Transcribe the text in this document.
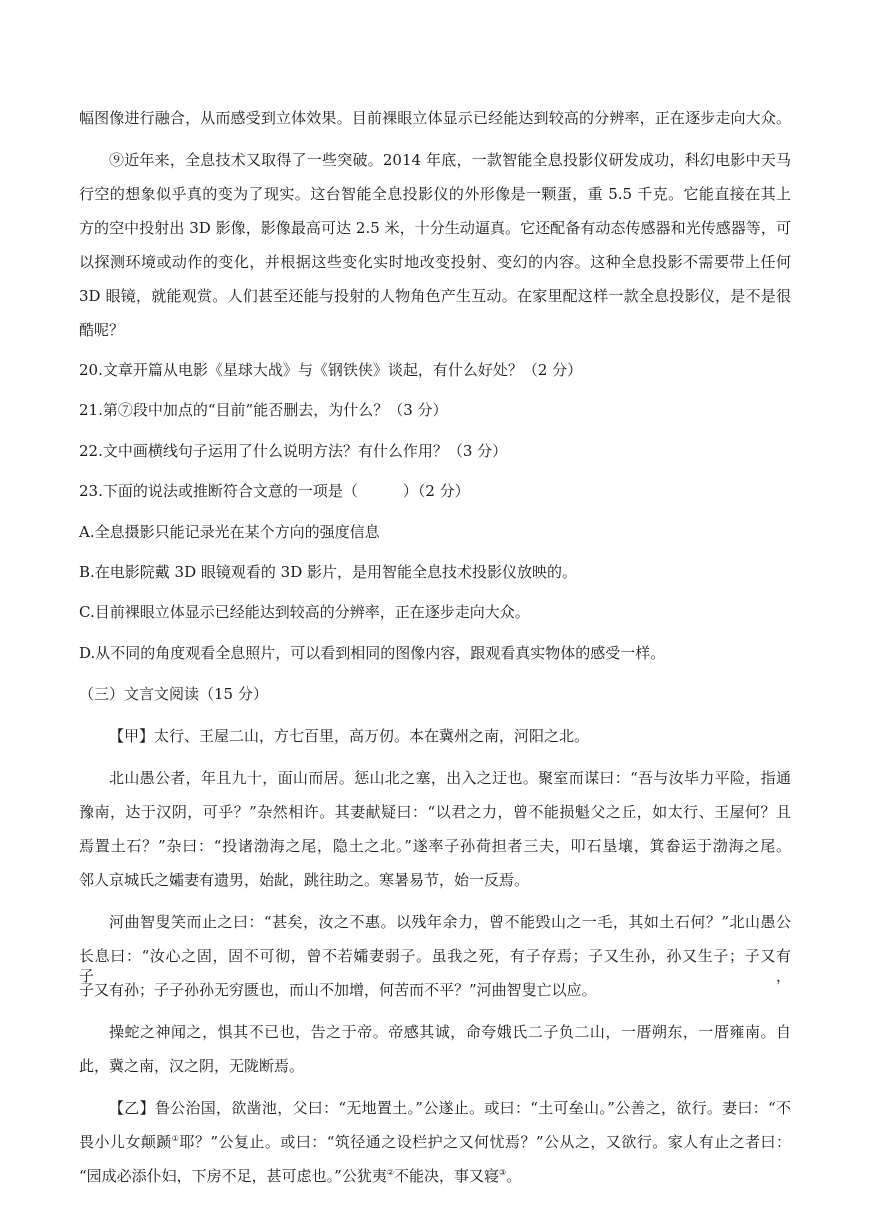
幅图像进行融合，从而感受到立体效果。目前裸眼立体显示已经能达到较高的分辨率，正在逐步走向大众。
⑨近年来，全息技术又取得了一些突破。2014 年底，一款智能全息投影仪研发成功，科幻电影中天马
行空的想象似乎真的变为了现实。这台智能全息投影仪的外形像是一颗蛋，重 5.5 千克。它能直接在其上
方的空中投射出 3D 影像，影像最高可达 2.5 米，十分生动逼真。它还配备有动态传感器和光传感器等，可
以探测环境或动作的变化，并根据这些变化实时地改变投射、变幻的内容。这种全息投影不需要带上任何
3D 眼镜，就能观赏。人们甚至还能与投射的人物角色产生互动。在家里配这样一款全息投影仪，是不是很
酷呢？
20.文章开篇从电影《星球大战》与《钢铁侠》谈起，有什么好处？（2 分）
21.第⑦段中加点的“目前”能否删去，为什么？（3 分）
22.文中画横线句子运用了什么说明方法？有什么作用？（3 分）
23.下面的说法或推断符合文意的一项是（　　　）（2 分）
A.全息摄影只能记录光在某个方向的强度信息
B.在电影院戴 3D 眼镜观看的 3D 影片，是用智能全息技术投影仪放映的。
C.目前裸眼立体显示已经能达到较高的分辨率，正在逐步走向大众。
D.从不同的角度观看全息照片，可以看到相同的图像内容，跟观看真实物体的感受一样。
（三）文言文阅读（15 分）
【甲】太行、王屋二山，方七百里，高万仞。本在冀州之南，河阳之北。
北山愚公者，年且九十，面山而居。惩山北之塞，出入之迂也。聚室而谋曰：“吾与汝毕力平险，指通
豫南，达于汉阴，可乎？”杂然相许。其妻献疑曰：“以君之力，曾不能损魁父之丘，如太行、王屋何？且
焉置土石？”杂曰：“投诸渤海之尾，隐土之北。”遂率子孙荷担者三夫，叩石垦壤，箕畚运于渤海之尾。
邻人京城氏之孀妻有遗男，始龀，跳往助之。寒暑易节，始一反焉。
河曲智叟笑而止之曰：“甚矣，汝之不惠。以残年余力，曾不能毁山之一毛，其如土石何？”北山愚公
长息曰：“汝心之固，固不可彻，曾不若孀妻弱子。虽我之死，有子存焉；子又生孙，孙又生子；子又有子，
子又有孙；子子孙孙无穷匮也，而山不加增，何苦而不平？”河曲智叟亡以应。
操蛇之神闻之，惧其不已也，告之于帝。帝感其诚，命夸娥氏二子负二山，一厝朔东，一厝雍南。自
此，冀之南，汉之阴，无陇断焉。
【乙】鲁公治国，欲凿池，父曰：“无地置土。”公遂止。或曰：“土可垒山。”公善之，欲行。妻曰：“不
畏小儿女颠踬①耶？”公复止。或曰：“筑径通之设栏护之又何忧焉？”公从之，又欲行。家人有止之者曰：
“园成必添仆妇，下房不足，甚可虑也。”公犹夷②不能决，事又寝③。
